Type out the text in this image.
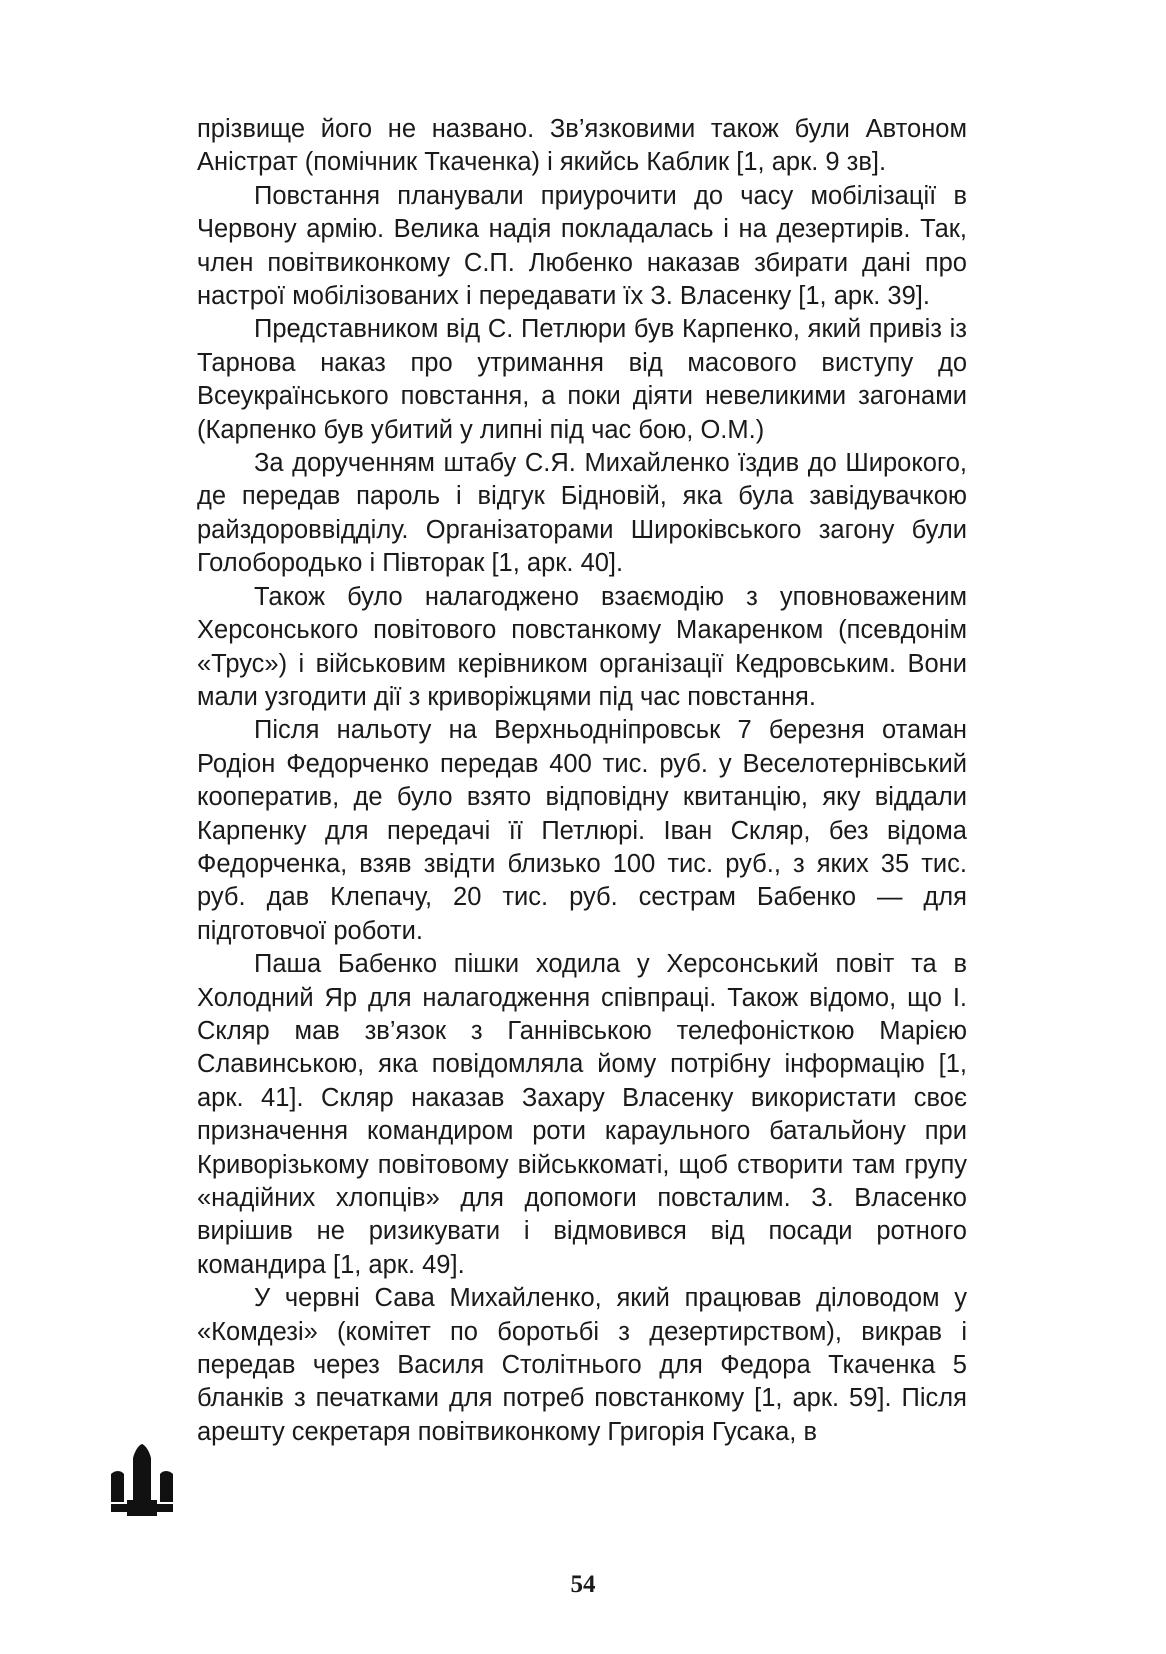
прізвище його не названо. Зв’язковими також були Автоном Аністрат (помічник Ткаченка) і якийсь Каблик [1, арк. 9 зв].

Повстання планували приурочити до часу мобілізації в Червону армію. Велика надія покладалась і на дезертирів. Так, член повітвиконкому С.П. Любенко наказав збирати дані про настрої мобілізованих і передавати їх З. Власенку [1, арк. 39].

Представником від С. Петлюри був Карпенко, який привіз із Тарнова наказ про утримання від масового виступу до Всеукраїнського повстання, а поки діяти невеликими загонами (Карпенко був убитий у липні під час бою, О.М.)

За дорученням штабу С.Я. Михайленко їздив до Широкого, де передав пароль і відгук Бідновій, яка була завідувачкою райздороввідділу. Організаторами Широківського загону були Голобородько і Півторак [1, арк. 40].

Також було налагоджено взаємодію з уповноваженим Херсонського повітового повстанкому Макаренком (псевдонім «Трус») і військовим керівником організації Кедровським. Вони мали узгодити дії з криворіжцями під час повстання.

Після нальоту на Верхньодніпровськ 7 березня отаман Родіон Федорченко передав 400 тис. руб. у Веселотернівський кооператив, де було взято відповідну квитанцію, яку віддали Карпенку для передачі її Петлюрі. Іван Скляр, без відома Федорченка, взяв звідти близько 100 тис. руб., з яких 35 тис. руб. дав Клепачу, 20 тис. руб. сестрам Бабенко — для підготовчої роботи.

Паша Бабенко пішки ходила у Херсонський повіт та в Холодний Яр для налагодження співпраці. Також відомо, що І. Скляр мав зв’язок з Ганнівською телефоністкою Марією Славинською, яка повідомляла йому потрібну інформацію [1, арк. 41]. Скляр наказав Захару Власенку використати своє призначення командиром роти караульного батальйону при Криворізькому повітовому військкоматі, щоб створити там групу «надійних хлопців» для допомоги повсталим. З. Власенко вирішив не ризикувати і відмовився від посади ротного командира [1, арк. 49].

У червні Сава Михайленко, який працював діловодом у «Комдезі» (комітет по боротьбі з дезертирством), викрав і передав через Василя Столітнього для Федора Ткаченка 5 бланків з печатками для потреб повстанкому [1, арк. 59]. Після арешту секретаря повітвиконкому Григорія Гусака, в

54
